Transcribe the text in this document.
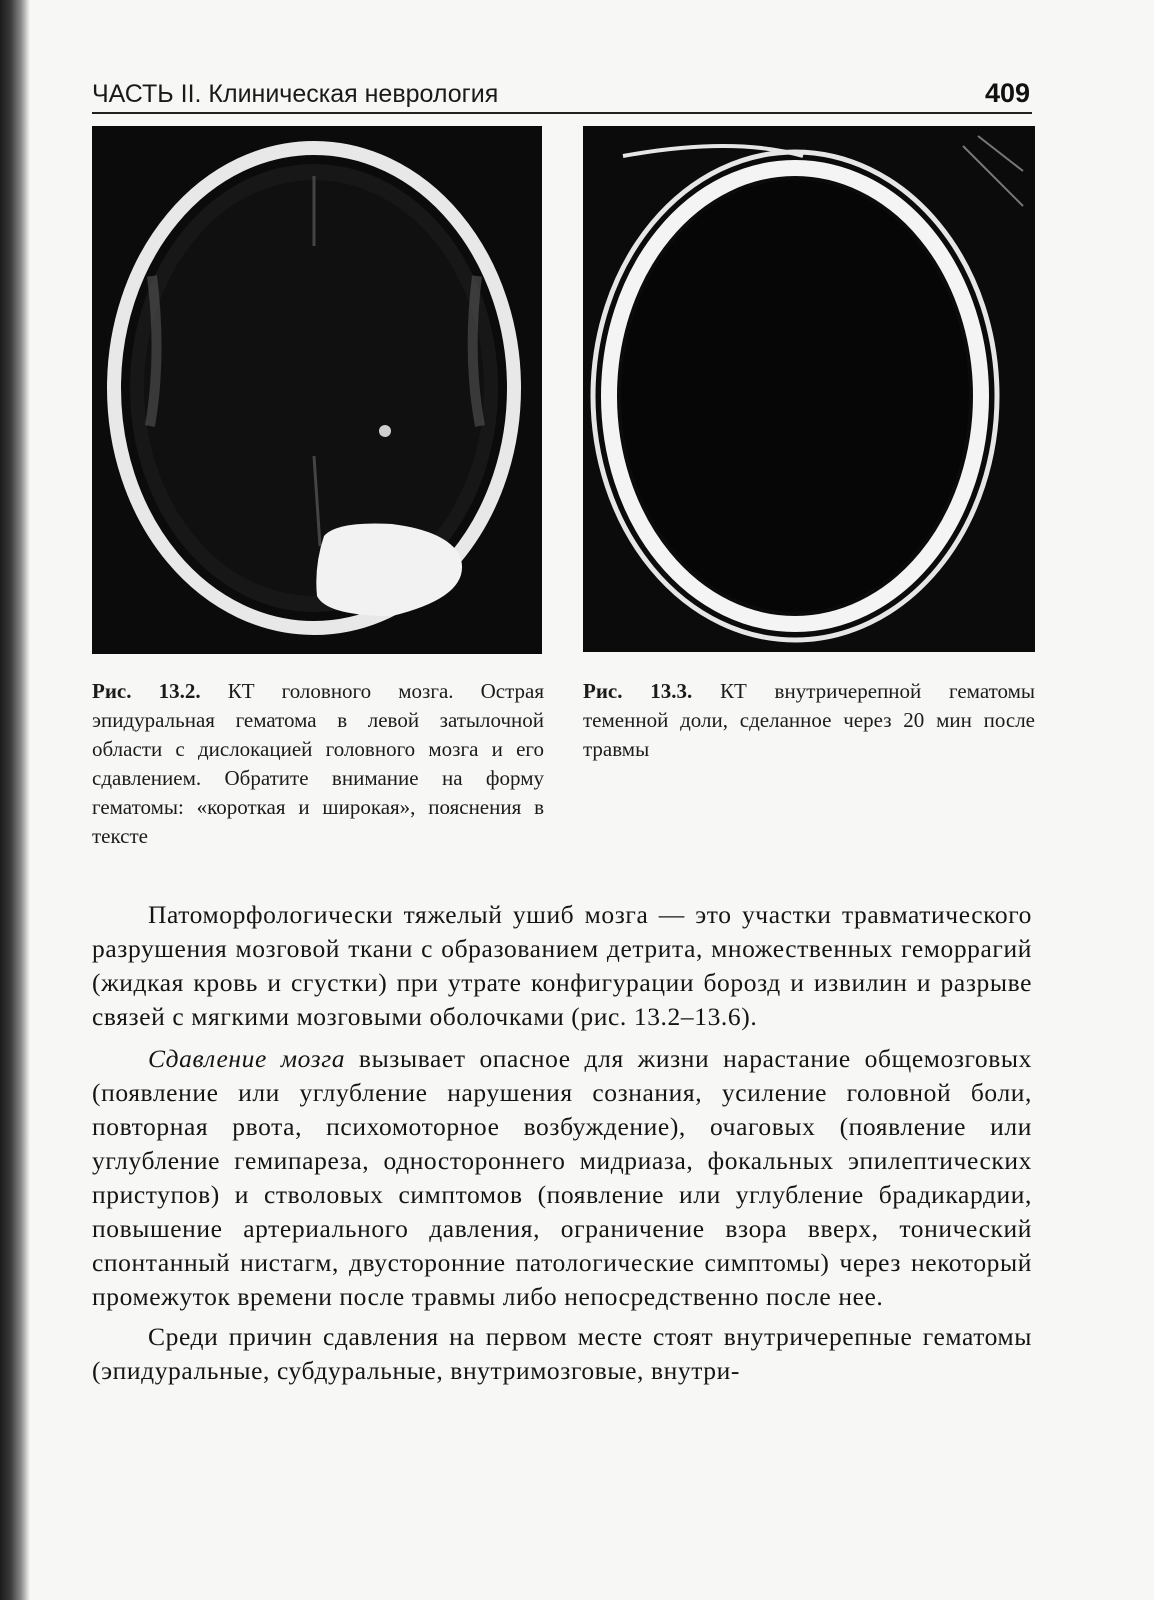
ЧАСТЬ II. Клиническая неврология	409
Рис. 13.2. КТ головного мозга. Острая эпидуральная гематома в левой затылочной области с дислокацией головного мозга и его сдавлением. Обратите внимание на форму гематомы: «короткая и широкая», пояснения в тексте
Рис. 13.3. КТ внутричерепной гематомы теменной доли, сделанное через 20 мин после травмы

Патоморфологически тяжелый ушиб мозга — это участки травматического разрушения мозговой ткани с образованием детрита, множественных геморрагий (жидкая кровь и сгустки) при утрате конфигурации борозд и извилин и разрыве связей с мягкими мозговыми оболочками (рис. 13.2–13.6).

Сдавление мозга вызывает опасное для жизни нарастание общемозговых (появление или углубление нарушения сознания, усиление головной боли, повторная рвота, психомоторное возбуждение), очаговых (появление или углубление гемипареза, одностороннего мидриаза, фокальных эпилептических приступов) и стволовых симптомов (появление или углубление брадикардии, повышение артериального давления, ограничение взора вверх, тонический спонтанный нистагм, двусторонние патологические симптомы) через некоторый промежуток времени после травмы либо непосредственно после нее.

Среди причин сдавления на первом месте стоят внутричерепные гематомы (эпидуральные, субдуральные, внутримозговые, внутри-
